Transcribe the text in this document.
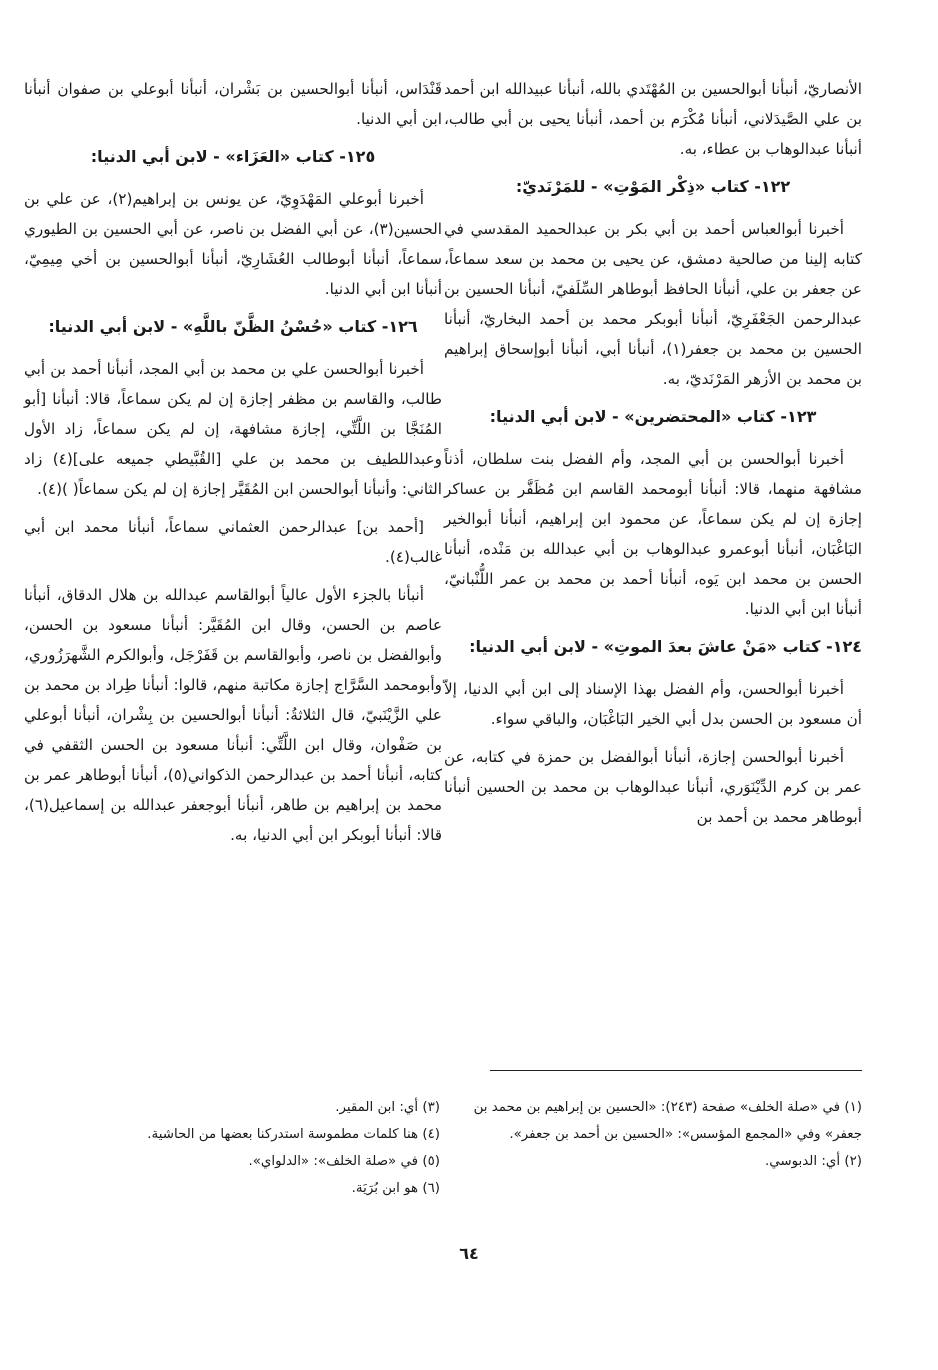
الأنصاريّ، أنبأنا أبوالحسين بن المُهْتَدي بالله، أنبأنا عبيدالله ابن أحمد بن علي الصَّيدَلاني، أنبأنا مُكْرَم بن أحمد، أنبأنا يحيى بن أبي طالب، أنبأنا عبدالوهاب بن عطاء، به.

١٢٢- كتاب «ذِكْر المَوْتِ» - للمَرْنَديّ:

أخبرنا أبوالعباس أحمد بن أبي بكر بن عبدالحميد المقدسي في كتابه إلينا من صالحية دمشق، عن يحيى بن محمد بن سعد سماعاً، عن جعفر بن علي، أنبأنا الحافظ أبوطاهر السِّلَفيّ، أنبأنا الحسين بن عبدالرحمن الجَعْفَرِيّ، أنبأنا أبوبكر محمد بن أحمد البخاريّ، أنبأنا الحسين بن محمد بن جعفر(١)، أنبأنا أبي، أنبأنا أبوإسحاق إبراهيم بن محمد بن الأزهر المَرْنَديّ، به.

١٢٣- كتاب «المحتضرين» - لابن أبي الدنيا:

أخبرنا أبوالحسن بن أبي المجد، وأم الفضل بنت سلطان، أذناً مشافهة منهما، قالا: أنبأنا أبومحمد القاسم ابن مُظَفَّر بن عساكر إجازة إن لم يكن سماعاً، عن محمود ابن إبراهيم، أنبأنا أبوالخير البَاغْبَان، أنبأنا أبوعمرو عبدالوهاب بن أبي عبدالله بن مَنْده، أنبأنا الحسن بن محمد ابن يَوه، أنبأنا أحمد بن محمد بن عمر اللُّنْبانيّ، أنبأنا ابن أبي الدنيا.

١٢٤- كتاب «مَنْ عاشَ بعدَ الموتِ» - لابن أبي الدنيا:

أخبرنا أبوالحسن، وأم الفضل بهذا الإسناد إلى ابن أبي الدنيا، إلاّ أن مسعود بن الحسن بدل أبي الخير البَاغْبَان، والباقي سواء.

أخبرنا أبوالحسن إجازة، أنبأنا أبوالفضل بن حمزة في كتابه، عن عمر بن كرم الدِّيْنَوَري، أنبأنا عبدالوهاب بن محمد بن الحسين أنبأنا أبوطاهر محمد بن أحمد بن

قَنْدَاس، أنبأنا أبوالحسين بن بَشْران، أنبأنا أبوعلي بن صفوان أنبأنا ابن أبي الدنيا.

١٢٥- كتاب «العَزَاء» - لابن أبي الدنيا:

أخبرنا أبوعلي المَهْدَوِيّ، عن يونس بن إبراهيم(٢)، عن علي بن الحسين(٣)، عن أبي الفضل بن ناصر، عن أبي الحسين بن الطيوري سماعاً، أنبأنا أبوطالب العُشَارِيّ، أنبأنا أبوالحسين بن أخي مِيمِيّ، أنبأنا ابن أبي الدنيا.

١٢٦- كتاب «حُسْنُ الظَّنّ باللَّهِ» - لابن أبي الدنيا:

أخبرنا أبوالحسن علي بن محمد بن أبي المجد، أنبأنا أحمد بن أبي طالب، والقاسم بن مظفر إجازة إن لم يكن سماعاً، قالا: أنبأنا [أبو المُنَجَّا بن اللَّتِّي، إجازة مشافهة، إن لم يكن سماعاً، زاد الأول وعبداللطيف بن محمد بن علي [القُبَّيطي جميعه على](٤) زاد الثاني: وأنبأنا أبوالحسن ابن المُقَيَّر إجازة إن لم يكن سماعاً( )(٤).

[أحمد بن] عبدالرحمن العثماني سماعاً، أنبأنا محمد ابن أبي غالب(٤).

أنبأنا بالجزء الأول عالياً أبوالقاسم عبدالله بن هلال الدقاق، أنبأنا عاصم بن الحسن، وقال ابن المُقَيَّر: أنبأنا مسعود بن الحسن، وأبوالفضل بن ناصر، وأبوالقاسم بن قَفَرْجَل، وأبوالكرم الشَّهرَزُوري، وأبومحمد السَّرَّاج إجازة مكاتبة منهم، قالوا: أنبأنا طِراد بن محمد بن علي الزَّيْنَبيّ، قال الثلاثةُ: أنبأنا أبوالحسين بن بِشْران، أنبأنا أبوعلي بن صَفْوان، وقال ابن اللَّتِّي: أنبأنا مسعود بن الحسن الثقفي في كتابه، أنبأنا أحمد بن عبدالرحمن الذكواني(٥)، أنبأنا أبوطاهر عمر بن محمد بن إبراهيم بن طاهر، أنبأنا أبوجعفر عبدالله بن إسماعيل(٦)، قالا: أنبأنا أبوبكر ابن أبي الدنيا، به.

(١) في «صلة الخلف» صفحة (٢٤٣): «الحسين بن إبراهيم بن محمد بن جعفر» وفي «المجمع المؤسس»: «الحسين بن أحمد بن جعفر».
(٢) أي: الدبوسي.
(٣) أي: ابن المقير.
(٤) هنا كلمات مطموسة استدركنا بعضها من الحاشية.
(٥) في «صلة الخلف»: «الدلواي».
(٦) هو ابن بُرَيَة.
٦٤
